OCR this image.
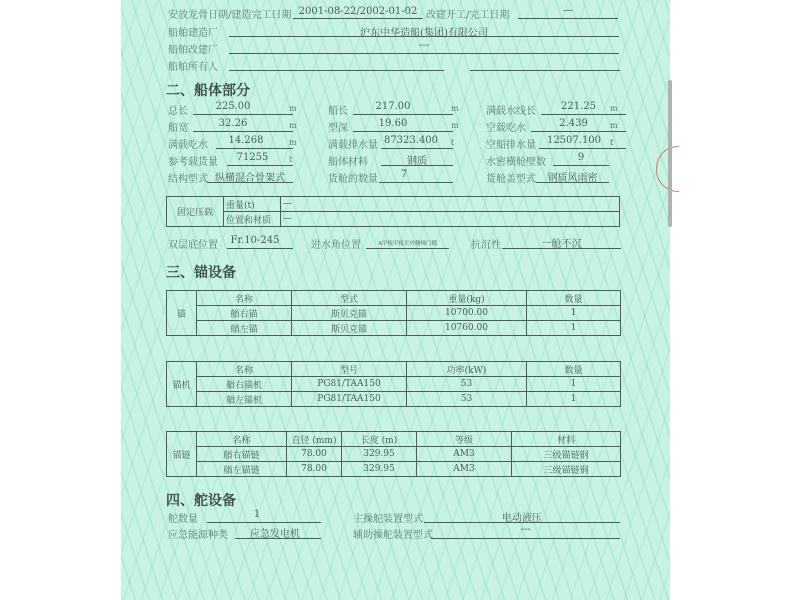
安放龙骨日期/建造完工日期 2001-08-22/2002-01-02 改建开工/完工日期	—
船舶建造厂	沪东中华造船(集团)有限公司
船舶改建厂	---
船舶所有人
二、船体部分
总长	225.00	m	船长	217.00	m	满载水线长	221.25	m
船宽	32.26	m	型深	19.60	m	空载吃水	2.439	m
满载吃水	14.268	m	满载排水量 87323.400	t	空船排水量	12507.100	t
参考载货量	71255	t	船体材料	钢质	水密横舱壁数	9
结构型式 纵横混合骨架式	货舱的数量	7	货舱盖型式	钢质风雨密
固定压载	重量(t)	—
	位置和材质	—
双层底位置	Fr.10-245	进水角位置	A甲板甲板室外侧梯门槛	抗沉性	一舱不沉
三、锚设备
锚	名称	型式	重量(kg)	数量
	艏右锚	斯贝克锚	10700.00	1
	艏左锚	斯贝克锚	10760.00	1
锚机	名称	型号	功率(kW)	数量
	艏右锚机	PG81/TAA150	53	1
	艏左锚机	PG81/TAA150	53	1
锚链	名称	直径 (mm)	长度 (m)	等级	材料
	艏右锚链	78.00	329.95	AM3	三级锚链钢
	艏左锚链	78.00	329.95	AM3	三级锚链钢
四、舵设备
舵数量	1	主操舵装置型式	电动液压
应急能源种类	应急发电机	辅助操舵装置型式
---
